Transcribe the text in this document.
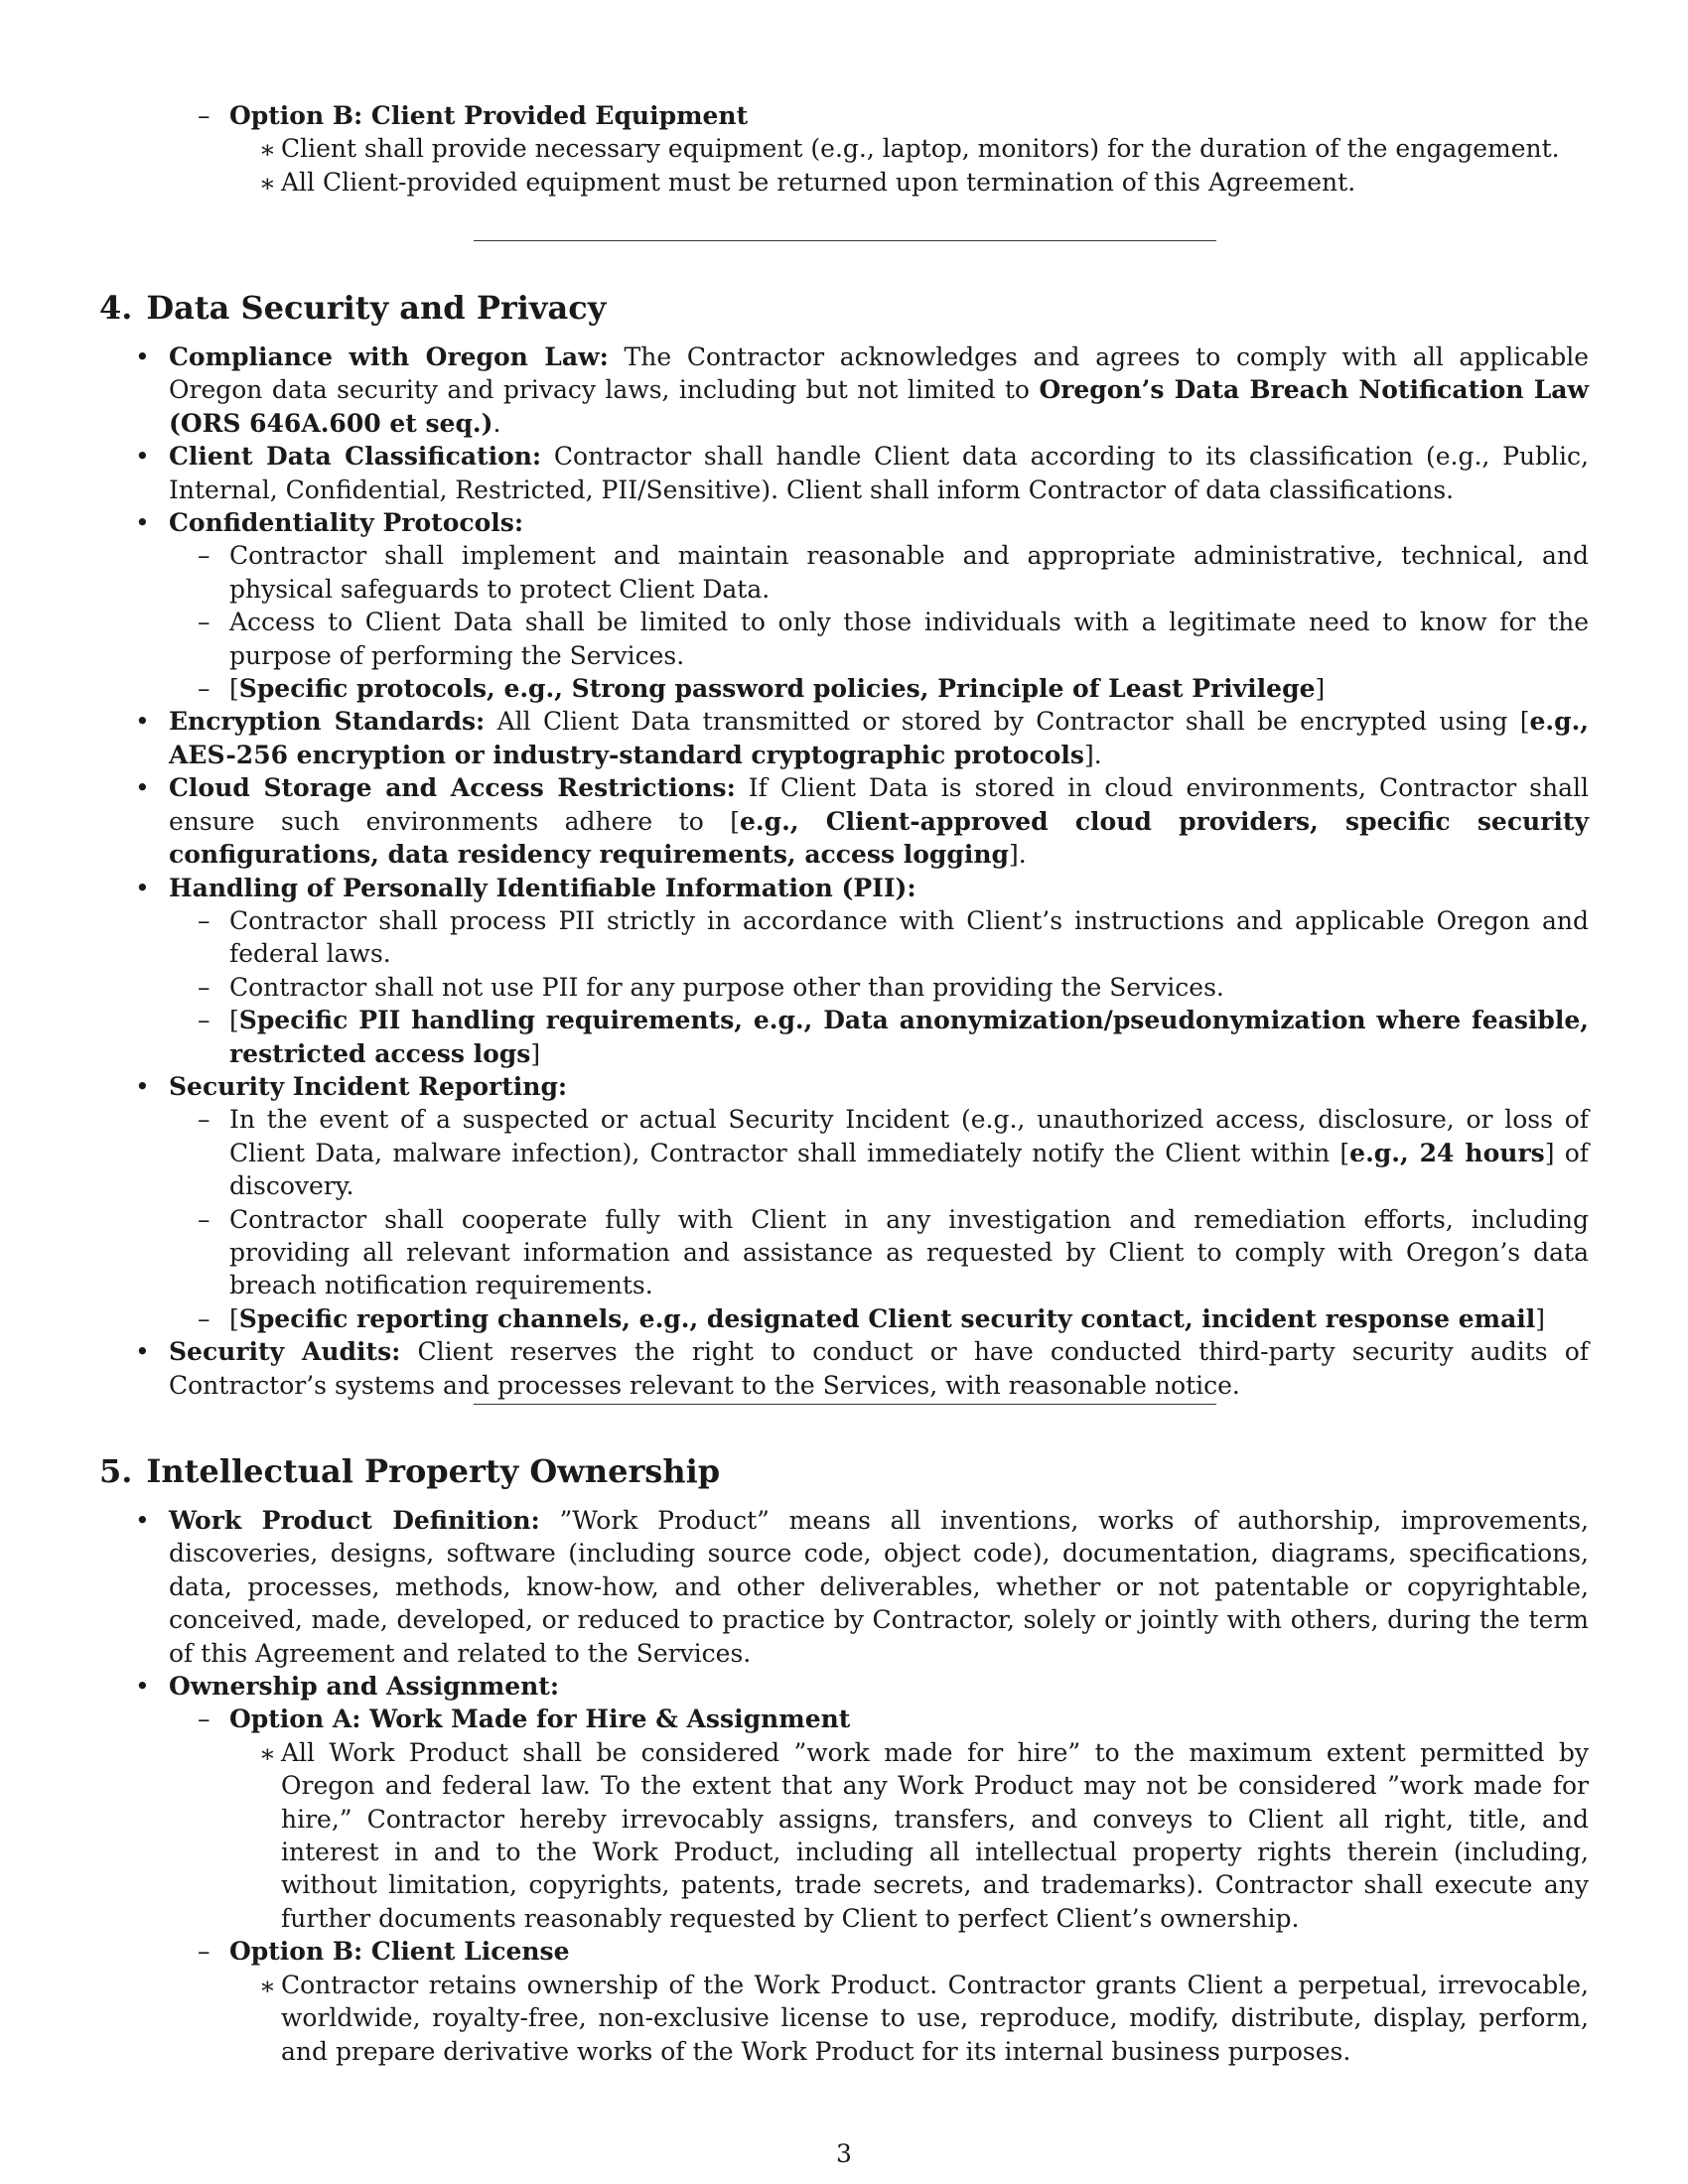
– Option B: Client Provided Equipment
∗ Client shall provide necessary equipment (e.g., laptop, monitors) for the duration of the engagement.
∗ All Client-provided equipment must be returned upon termination of this Agreement.
4. Data Security and Privacy
• Compliance with Oregon Law: The Contractor acknowledges and agrees to comply with all applicable Oregon data security and privacy laws, including but not limited to Oregon’s Data Breach Notification Law (ORS 646A.600 et seq.).
• Client Data Classification: Contractor shall handle Client data according to its classification (e.g., Public, Internal, Confidential, Restricted, PII/Sensitive). Client shall inform Contractor of data classifications.
• Confidentiality Protocols:
– Contractor shall implement and maintain reasonable and appropriate administrative, technical, and physical safeguards to protect Client Data.
– Access to Client Data shall be limited to only those individuals with a legitimate need to know for the purpose of performing the Services.
– [Specific protocols, e.g., Strong password policies, Principle of Least Privilege]
• Encryption Standards: All Client Data transmitted or stored by Contractor shall be encrypted using [e.g., AES-256 encryption or industry-standard cryptographic protocols].
• Cloud Storage and Access Restrictions: If Client Data is stored in cloud environments, Contractor shall ensure such environments adhere to [e.g., Client-approved cloud providers, specific security configurations, data residency requirements, access logging].
• Handling of Personally Identifiable Information (PII):
– Contractor shall process PII strictly in accordance with Client’s instructions and applicable Oregon and federal laws.
– Contractor shall not use PII for any purpose other than providing the Services.
– [Specific PII handling requirements, e.g., Data anonymization/pseudonymization where feasible, restricted access logs]
• Security Incident Reporting:
– In the event of a suspected or actual Security Incident (e.g., unauthorized access, disclosure, or loss of Client Data, malware infection), Contractor shall immediately notify the Client within [e.g., 24 hours] of discovery.
– Contractor shall cooperate fully with Client in any investigation and remediation efforts, including providing all relevant information and assistance as requested by Client to comply with Oregon’s data breach notification requirements.
– [Specific reporting channels, e.g., designated Client security contact, incident response email]
• Security Audits: Client reserves the right to conduct or have conducted third-party security audits of Contractor’s systems and processes relevant to the Services, with reasonable notice.
5. Intellectual Property Ownership
• Work Product Definition: ”Work Product” means all inventions, works of authorship, improvements, discoveries, designs, software (including source code, object code), documentation, diagrams, specifications, data, processes, methods, know-how, and other deliverables, whether or not patentable or copyrightable, conceived, made, developed, or reduced to practice by Contractor, solely or jointly with others, during the term of this Agreement and related to the Services.
• Ownership and Assignment:
– Option A: Work Made for Hire & Assignment
∗ All Work Product shall be considered ”work made for hire” to the maximum extent permitted by Oregon and federal law. To the extent that any Work Product may not be considered ”work made for hire,” Contractor hereby irrevocably assigns, transfers, and conveys to Client all right, title, and interest in and to the Work Product, including all intellectual property rights therein (including, without limitation, copyrights, patents, trade secrets, and trademarks). Contractor shall execute any further documents reasonably requested by Client to perfect Client’s ownership.
– Option B: Client License
∗ Contractor retains ownership of the Work Product. Contractor grants Client a perpetual, irrevocable, worldwide, royalty-free, non-exclusive license to use, reproduce, modify, distribute, display, perform, and prepare derivative works of the Work Product for its internal business purposes.
3
